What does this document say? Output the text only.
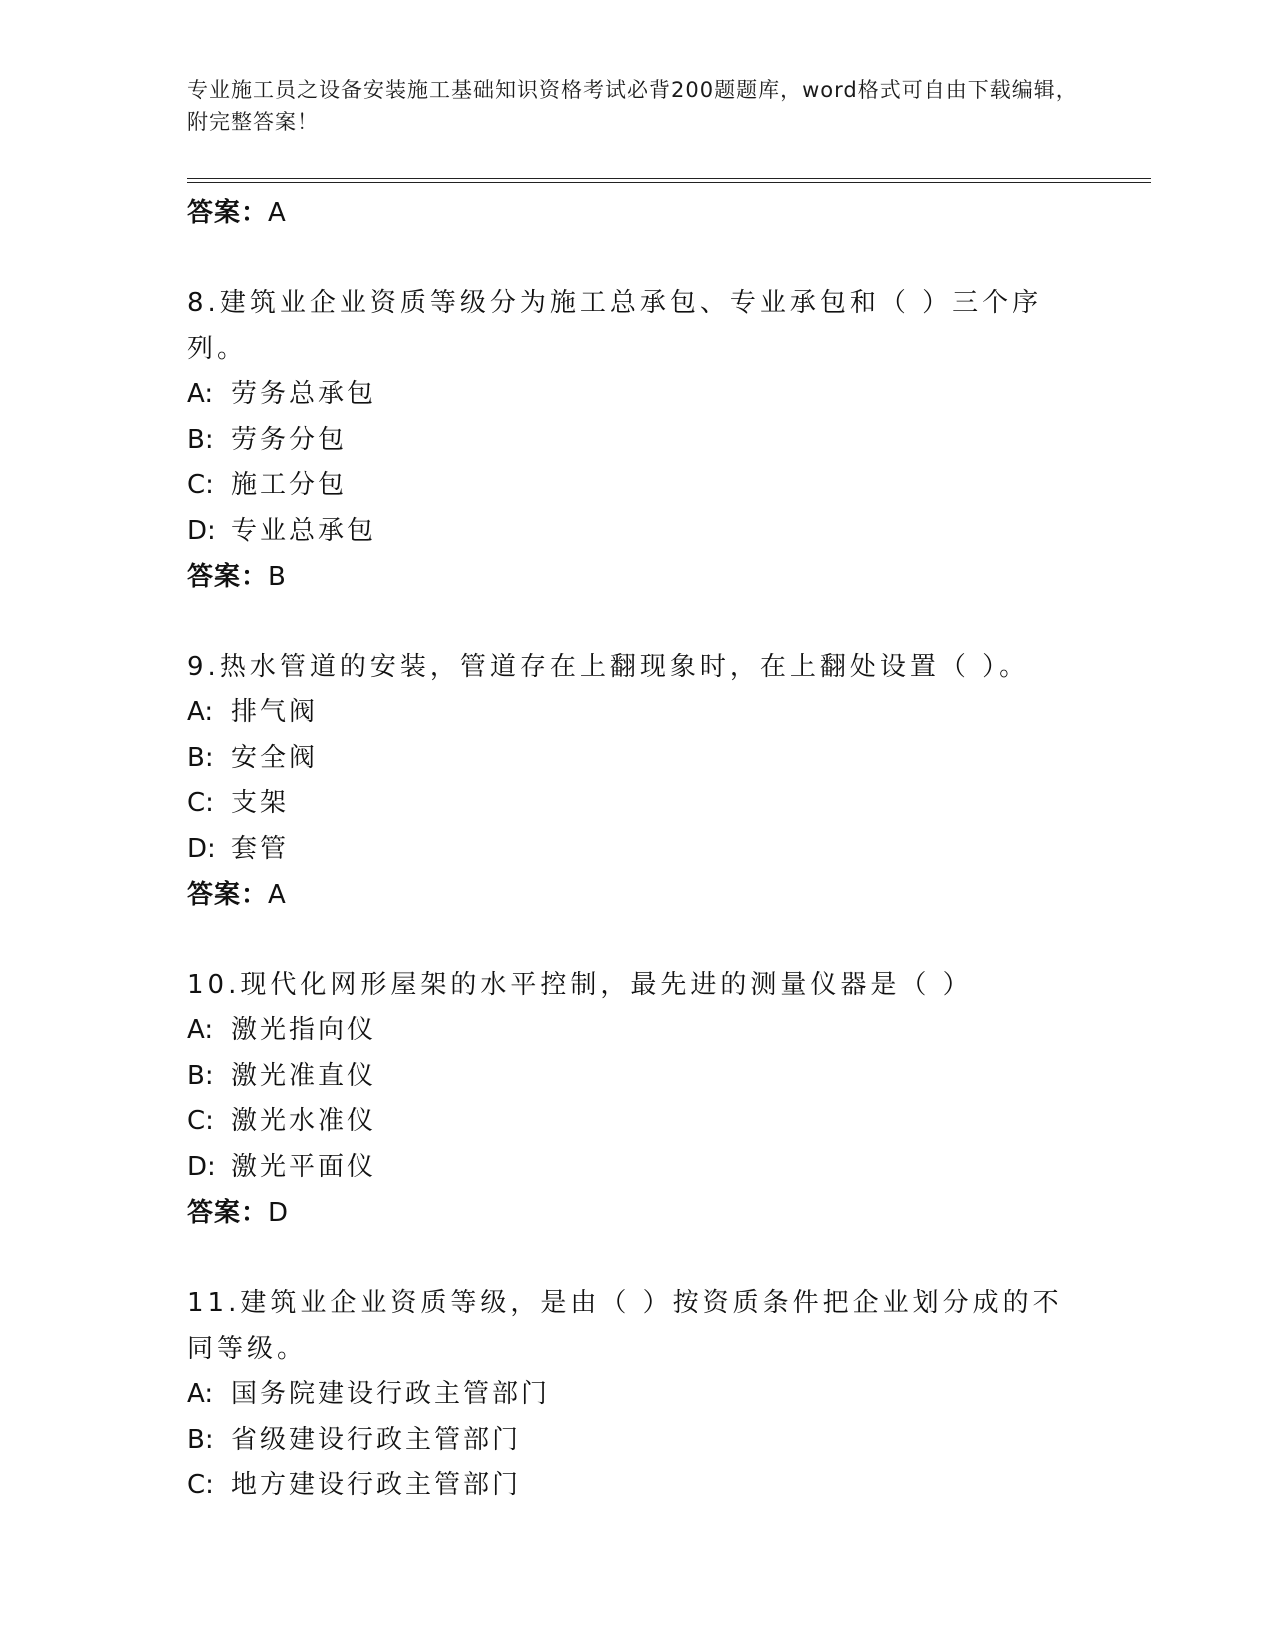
专业施工员之设备安装施工基础知识资格考试必背200题题库，word格式可自由下载编辑，附完整答案！
答案：A
8.建筑业企业资质等级分为施工总承包、专业承包和（ ）三个序列。
A: 劳务总承包
B: 劳务分包
C: 施工分包
D: 专业总承包
答案：B
9.热水管道的安装，管道存在上翻现象时，在上翻处设置（ ）。
A: 排气阀
B: 安全阀
C: 支架
D: 套管
答案：A
10.现代化网形屋架的水平控制，最先进的测量仪器是（ ）
A: 激光指向仪
B: 激光准直仪
C: 激光水准仪
D: 激光平面仪
答案：D
11.建筑业企业资质等级，是由（ ）按资质条件把企业划分成的不同等级。
A: 国务院建设行政主管部门
B: 省级建设行政主管部门
C: 地方建设行政主管部门
